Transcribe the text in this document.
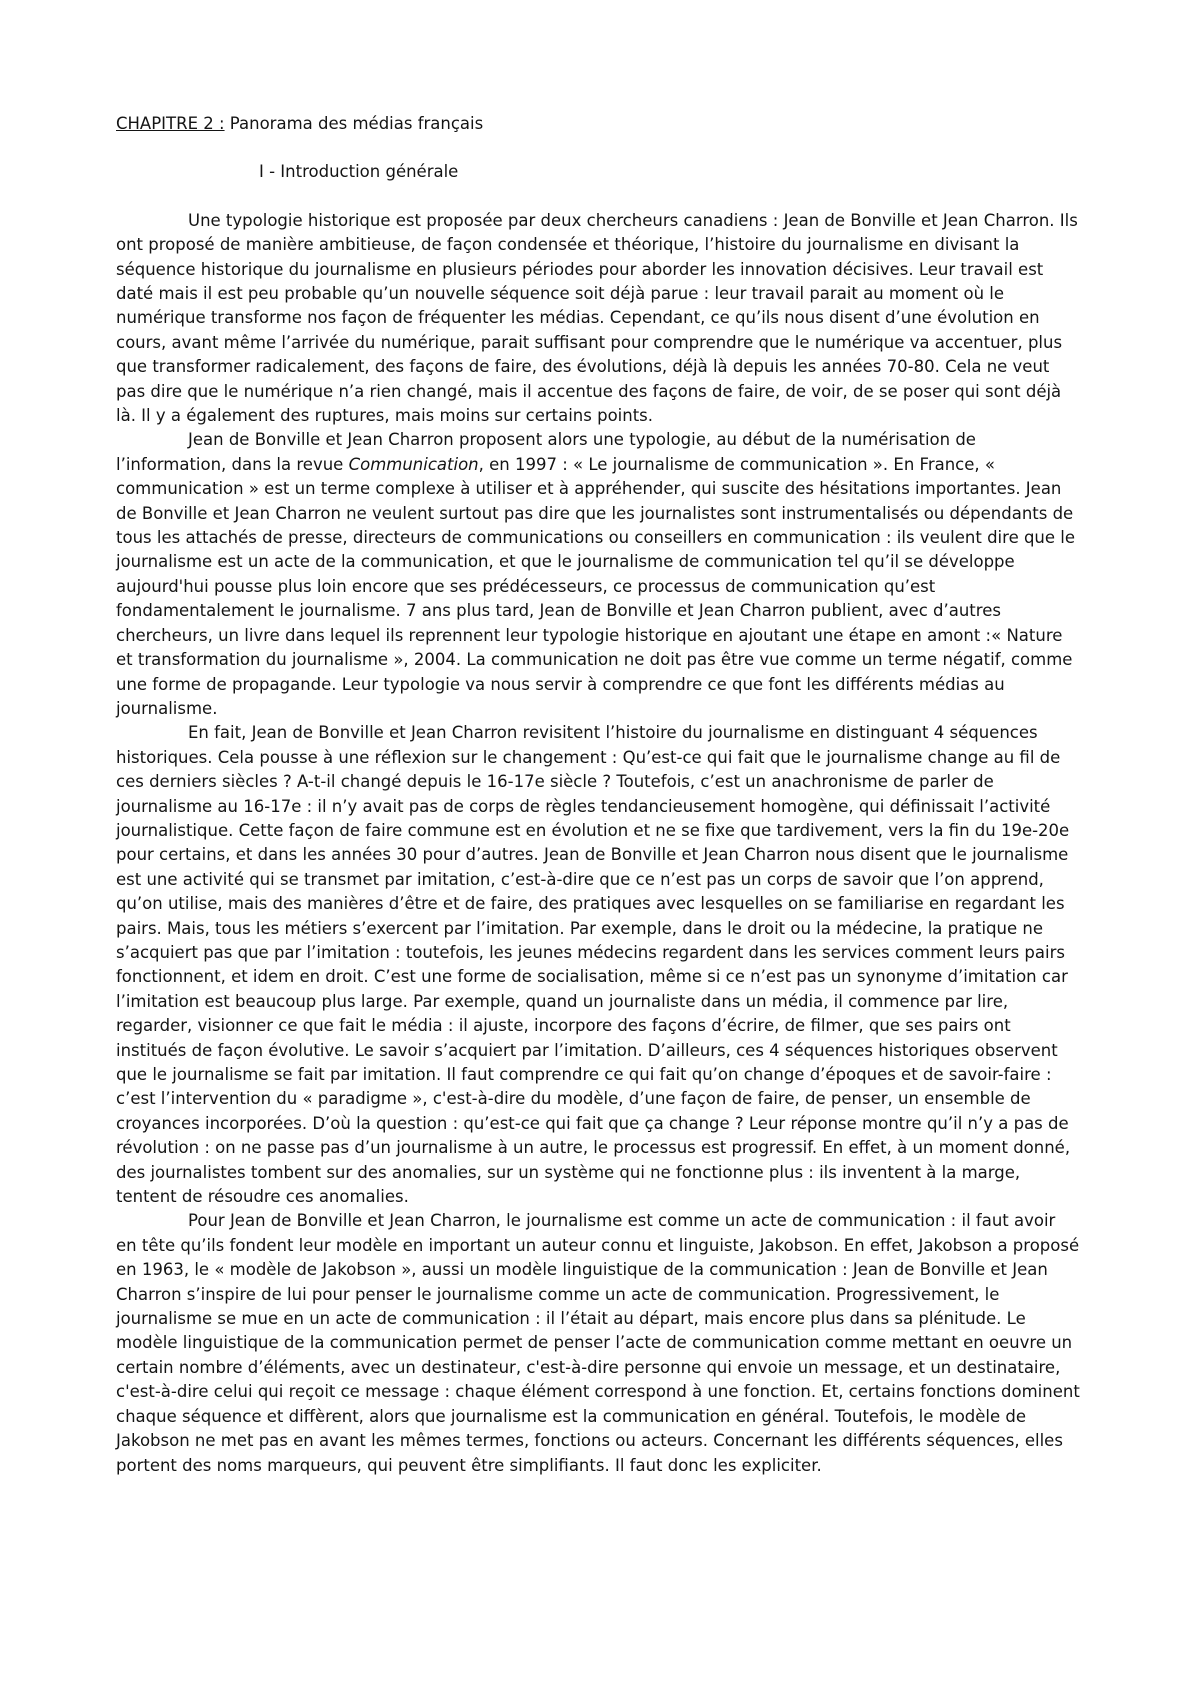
CHAPITRE 2 : Panorama des médias français

I - Introduction générale

Une typologie historique est proposée par deux chercheurs canadiens : Jean de Bonville et Jean Charron. Ils ont proposé de manière ambitieuse, de façon condensée et théorique, l’histoire du journalisme en divisant la séquence historique du journalisme en plusieurs périodes pour aborder les innovation décisives. Leur travail est daté mais il est peu probable qu’un nouvelle séquence soit déjà parue : leur travail parait au moment où le numérique transforme nos façon de fréquenter les médias. Cependant, ce qu’ils nous disent d’une évolution en cours, avant même l’arrivée du numérique, parait suffisant pour comprendre que le numérique va accentuer, plus que transformer radicalement, des façons de faire, des évolutions, déjà là depuis les années 70-80. Cela ne veut pas dire que le numérique n’a rien changé, mais il accentue des façons de faire, de voir, de se poser qui sont déjà là. Il y a également des ruptures, mais moins sur certains points.

Jean de Bonville et Jean Charron proposent alors une typologie, au début de la numérisation de l’information, dans la revue Communication, en 1997 : « Le journalisme de communication ». En France, « communication » est un terme complexe à utiliser et à appréhender, qui suscite des hésitations importantes. Jean de Bonville et Jean Charron ne veulent surtout pas dire que les journalistes sont instrumentalisés ou dépendants de tous les attachés de presse, directeurs de communications ou conseillers en communication : ils veulent dire que le journalisme est un acte de la communication, et que le journalisme de communication tel qu’il se développe aujourd'hui pousse plus loin encore que ses prédécesseurs, ce processus de communication qu’est fondamentalement le journalisme. 7 ans plus tard, Jean de Bonville et Jean Charron publient, avec d’autres chercheurs, un livre dans lequel ils reprennent leur typologie historique en ajoutant une étape en amont :« Nature et transformation du journalisme », 2004. La communication ne doit pas être vue comme un terme négatif, comme une forme de propagande. Leur typologie va nous servir à comprendre ce que font les différents médias au journalisme.

En fait, Jean de Bonville et Jean Charron revisitent l’histoire du journalisme en distinguant 4 séquences historiques. Cela pousse à une réflexion sur le changement : Qu’est-ce qui fait que le journalisme change au fil de ces derniers siècles ? A-t-il changé depuis le 16-17e siècle ? Toutefois, c’est un anachronisme de parler de journalisme au 16-17e : il n’y avait pas de corps de règles tendancieusement homogène, qui définissait l’activité journalistique. Cette façon de faire commune est en évolution et ne se fixe que tardivement, vers la fin du 19e-20e pour certains, et dans les années 30 pour d’autres. Jean de Bonville et Jean Charron nous disent que le journalisme est une activité qui se transmet par imitation, c’est-à-dire que ce n’est pas un corps de savoir que l’on apprend, qu’on utilise, mais des manières d’être et de faire, des pratiques avec lesquelles on se familiarise en regardant les pairs. Mais, tous les métiers s’exercent par l’imitation. Par exemple, dans le droit ou la médecine, la pratique ne s’acquiert pas que par l’imitation : toutefois, les jeunes médecins regardent dans les services comment leurs pairs fonctionnent, et idem en droit. C’est une forme de socialisation, même si ce n’est pas un synonyme d’imitation car l’imitation est beaucoup plus large. Par exemple, quand un journaliste dans un média, il commence par lire, regarder, visionner ce que fait le média : il ajuste, incorpore des façons d’écrire, de filmer, que ses pairs ont institués de façon évolutive. Le savoir s’acquiert par l’imitation. D’ailleurs, ces 4 séquences historiques observent que le journalisme se fait par imitation. Il faut comprendre ce qui fait qu’on change d’époques et de savoir-faire : c’est l’intervention du « paradigme », c'est-à-dire du modèle, d’une façon de faire, de penser, un ensemble de croyances incorporées. D’où la question : qu’est-ce qui fait que ça change ? Leur réponse montre qu’il n’y a pas de révolution : on ne passe pas d’un journalisme à un autre, le processus est progressif. En effet, à un moment donné, des journalistes tombent sur des anomalies, sur un système qui ne fonctionne plus : ils inventent à la marge, tentent de résoudre ces anomalies.

Pour Jean de Bonville et Jean Charron, le journalisme est comme un acte de communication : il faut avoir en tête qu’ils fondent leur modèle en important un auteur connu et linguiste, Jakobson. En effet, Jakobson a proposé en 1963, le « modèle de Jakobson », aussi un modèle linguistique de la communication : Jean de Bonville et Jean Charron s’inspire de lui pour penser le journalisme comme un acte de communication. Progressivement, le journalisme se mue en un acte de communication : il l’était au départ, mais encore plus dans sa plénitude. Le modèle linguistique de la communication permet de penser l’acte de communication comme mettant en oeuvre un certain nombre d’éléments, avec un destinateur, c'est-à-dire personne qui envoie un message, et un destinataire, c'est-à-dire celui qui reçoit ce message : chaque élément correspond à une fonction. Et, certains fonctions dominent chaque séquence et diffèrent, alors que journalisme est la communication en général. Toutefois, le modèle de Jakobson ne met pas en avant les mêmes termes, fonctions ou acteurs. Concernant les différents séquences, elles portent des noms marqueurs, qui peuvent être simplifiants. Il faut donc les expliciter.
